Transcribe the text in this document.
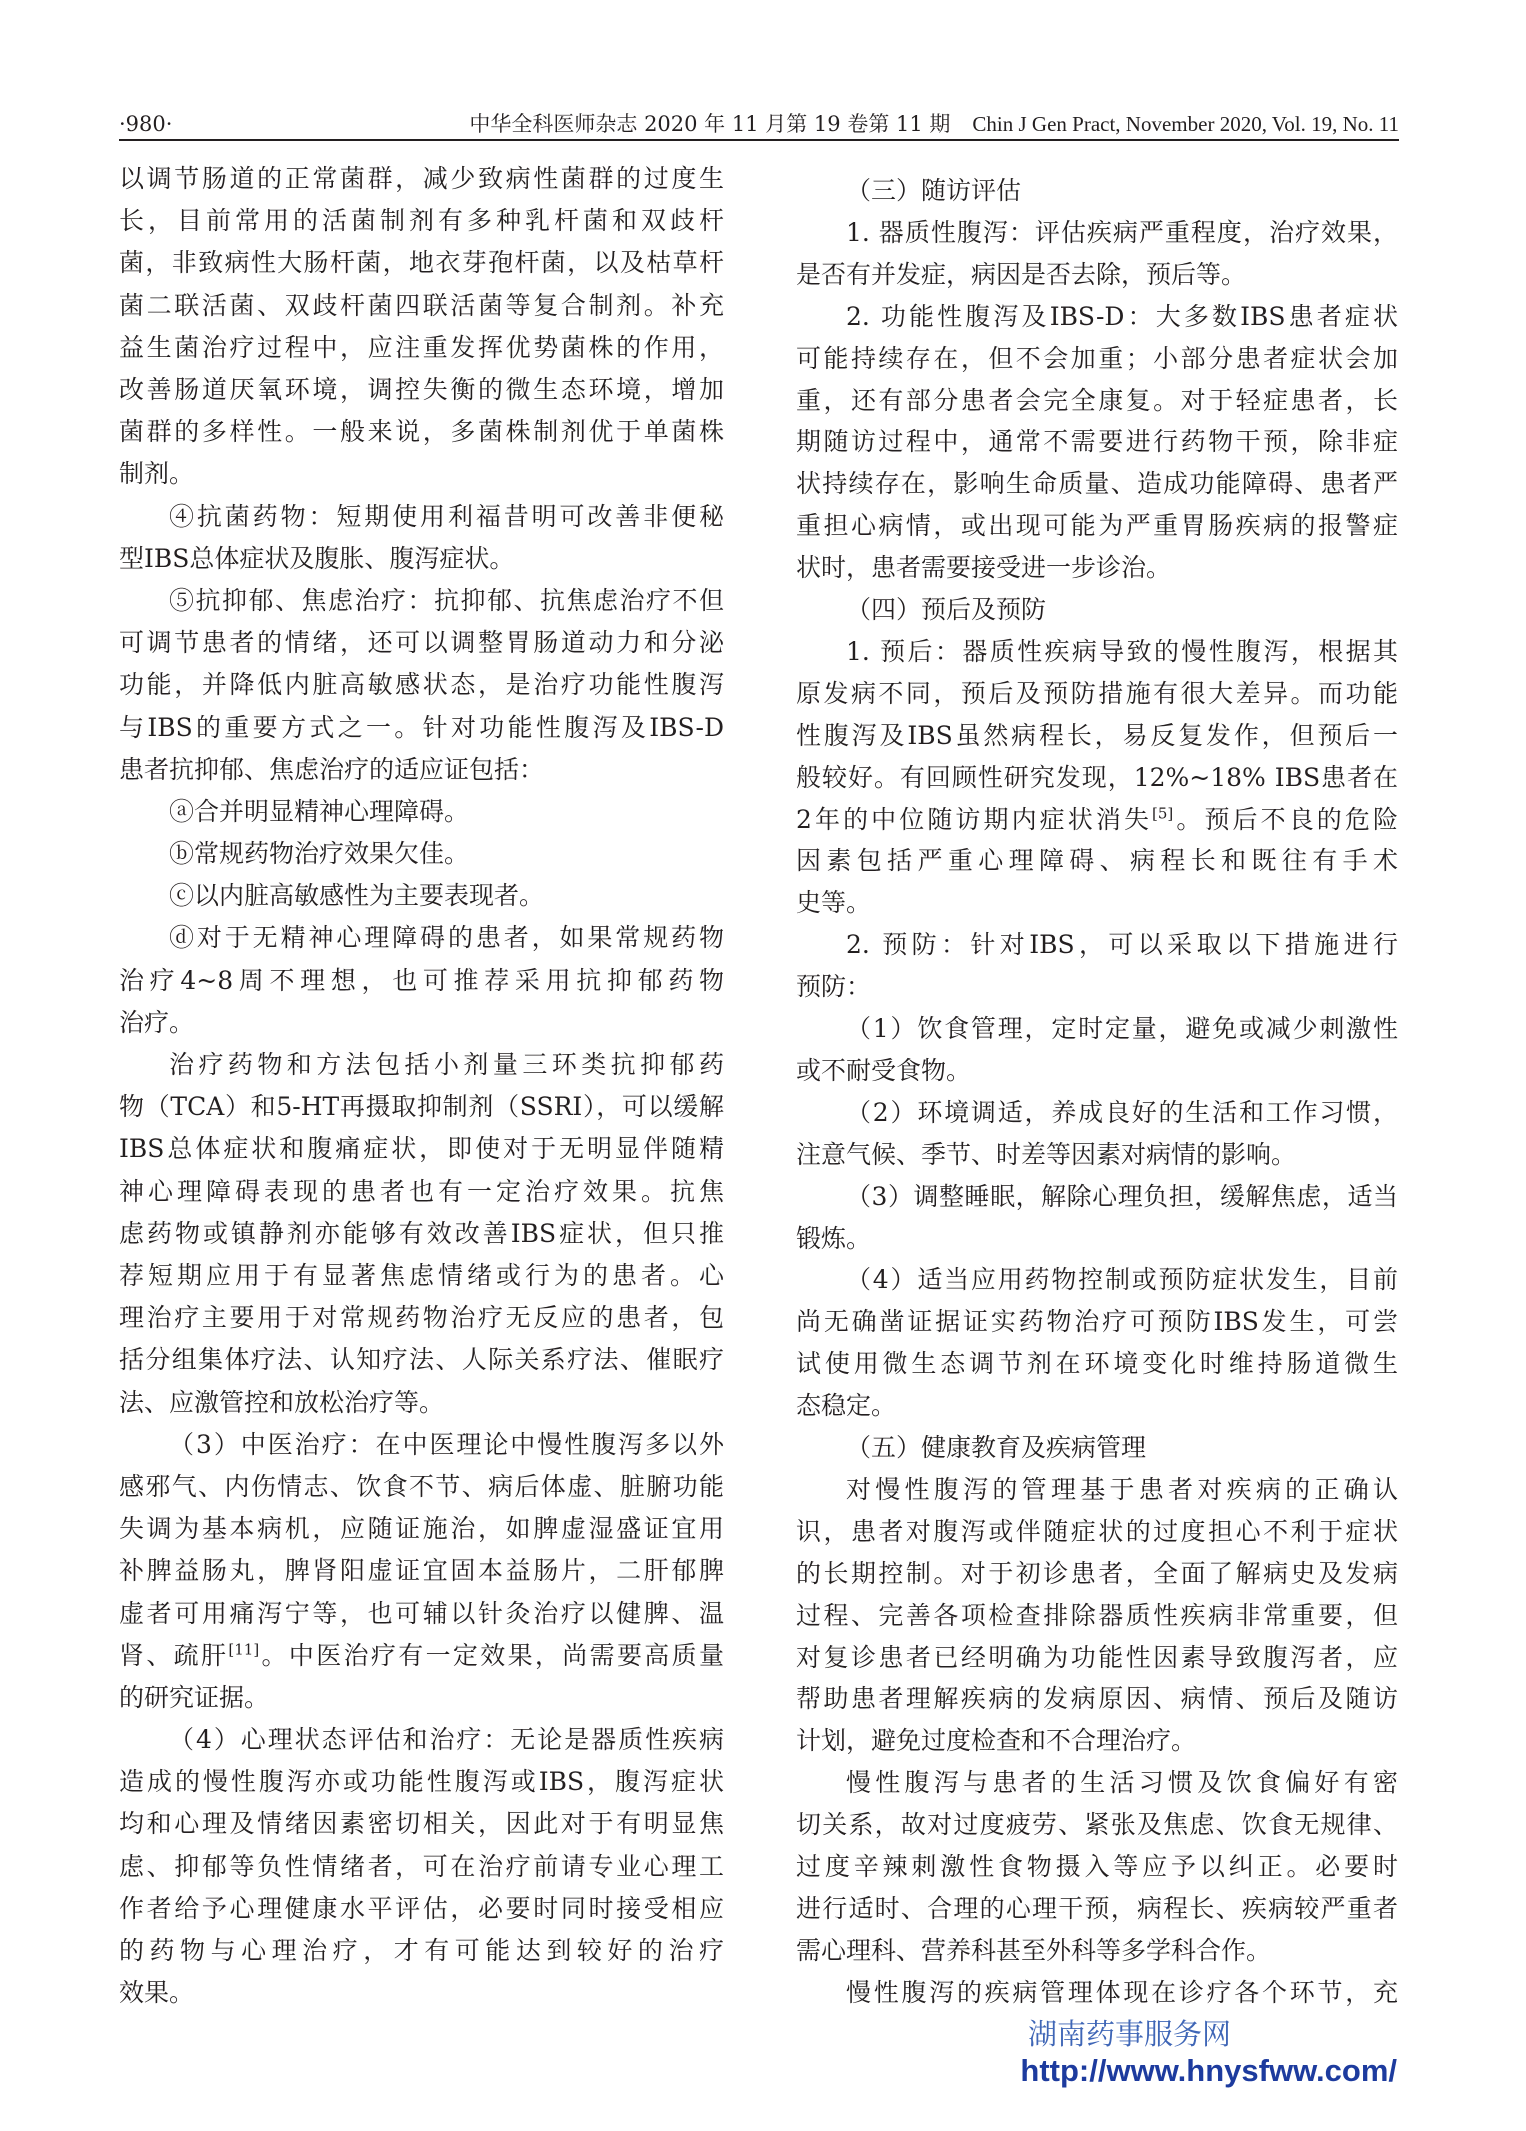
·980·	中华全科医师杂志 2020 年 11 月第 19 卷第 11 期 Chin J Gen Pract, November 2020, Vol. 19, No. 11
以调节肠道的正常菌群，减少致病性菌群的过度生
长，目前常用的活菌制剂有多种乳杆菌和双歧杆
菌，非致病性大肠杆菌，地衣芽孢杆菌，以及枯草杆
菌二联活菌、双歧杆菌四联活菌等复合制剂。补充
益生菌治疗过程中，应注重发挥优势菌株的作用，
改善肠道厌氧环境，调控失衡的微生态环境，增加
菌群的多样性。一般来说，多菌株制剂优于单菌株
制剂。
④抗菌药物：短期使用利福昔明可改善非便秘
型IBS总体症状及腹胀、腹泻症状。
⑤抗抑郁、焦虑治疗：抗抑郁、抗焦虑治疗不但
可调节患者的情绪，还可以调整胃肠道动力和分泌
功能，并降低内脏高敏感状态，是治疗功能性腹泻
与IBS的重要方式之一。针对功能性腹泻及IBS-D
患者抗抑郁、焦虑治疗的适应证包括：
ⓐ合并明显精神心理障碍。
ⓑ常规药物治疗效果欠佳。
ⓒ以内脏高敏感性为主要表现者。
ⓓ对于无精神心理障碍的患者，如果常规药物
治疗4~8周不理想，也可推荐采用抗抑郁药物
治疗。
治疗药物和方法包括小剂量三环类抗抑郁药
物（TCA）和5-HT再摄取抑制剂（SSRI），可以缓解
IBS总体症状和腹痛症状，即使对于无明显伴随精
神心理障碍表现的患者也有一定治疗效果。抗焦
虑药物或镇静剂亦能够有效改善IBS症状，但只推
荐短期应用于有显著焦虑情绪或行为的患者。心
理治疗主要用于对常规药物治疗无反应的患者，包
括分组集体疗法、认知疗法、人际关系疗法、催眠疗
法、应激管控和放松治疗等。
（3）中医治疗：在中医理论中慢性腹泻多以外
感邪气、内伤情志、饮食不节、病后体虚、脏腑功能
失调为基本病机，应随证施治，如脾虚湿盛证宜用
补脾益肠丸，脾肾阳虚证宜固本益肠片，二肝郁脾
虚者可用痛泻宁等，也可辅以针灸治疗以健脾、温
肾、疏肝[11]。中医治疗有一定效果，尚需要高质量
的研究证据。
（4）心理状态评估和治疗：无论是器质性疾病
造成的慢性腹泻亦或功能性腹泻或IBS，腹泻症状
均和心理及情绪因素密切相关，因此对于有明显焦
虑、抑郁等负性情绪者，可在治疗前请专业心理工
作者给予心理健康水平评估，必要时同时接受相应
的药物与心理治疗，才有可能达到较好的治疗
效果。
（三）随访评估
1. 器质性腹泻：评估疾病严重程度，治疗效果，
是否有并发症，病因是否去除，预后等。
2. 功能性腹泻及IBS-D：大多数IBS患者症状
可能持续存在，但不会加重；小部分患者症状会加
重，还有部分患者会完全康复。对于轻症患者，长
期随访过程中，通常不需要进行药物干预，除非症
状持续存在，影响生命质量、造成功能障碍、患者严
重担心病情，或出现可能为严重胃肠疾病的报警症
状时，患者需要接受进一步诊治。
（四）预后及预防
1. 预后：器质性疾病导致的慢性腹泻，根据其
原发病不同，预后及预防措施有很大差异。而功能
性腹泻及IBS虽然病程长，易反复发作，但预后一
般较好。有回顾性研究发现，12%~18% IBS患者在
2年的中位随访期内症状消失[5]。预后不良的危险
因素包括严重心理障碍、病程长和既往有手术
史等。
2. 预防：针对IBS，可以采取以下措施进行
预防：
（1）饮食管理，定时定量，避免或减少刺激性
或不耐受食物。
（2）环境调适，养成良好的生活和工作习惯，
注意气候、季节、时差等因素对病情的影响。
（3）调整睡眠，解除心理负担，缓解焦虑，适当
锻炼。
（4）适当应用药物控制或预防症状发生，目前
尚无确凿证据证实药物治疗可预防IBS发生，可尝
试使用微生态调节剂在环境变化时维持肠道微生
态稳定。
（五）健康教育及疾病管理
对慢性腹泻的管理基于患者对疾病的正确认
识，患者对腹泻或伴随症状的过度担心不利于症状
的长期控制。对于初诊患者，全面了解病史及发病
过程、完善各项检查排除器质性疾病非常重要，但
对复诊患者已经明确为功能性因素导致腹泻者，应
帮助患者理解疾病的发病原因、病情、预后及随访
计划，避免过度检查和不合理治疗。
慢性腹泻与患者的生活习惯及饮食偏好有密
切关系，故对过度疲劳、紧张及焦虑、饮食无规律、
过度辛辣刺激性食物摄入等应予以纠正。必要时
进行适时、合理的心理干预，病程长、疾病较严重者
需心理科、营养科甚至外科等多学科合作。
慢性腹泻的疾病管理体现在诊疗各个环节，充
湖南药事服务网
http://www.hnysfww.com/
